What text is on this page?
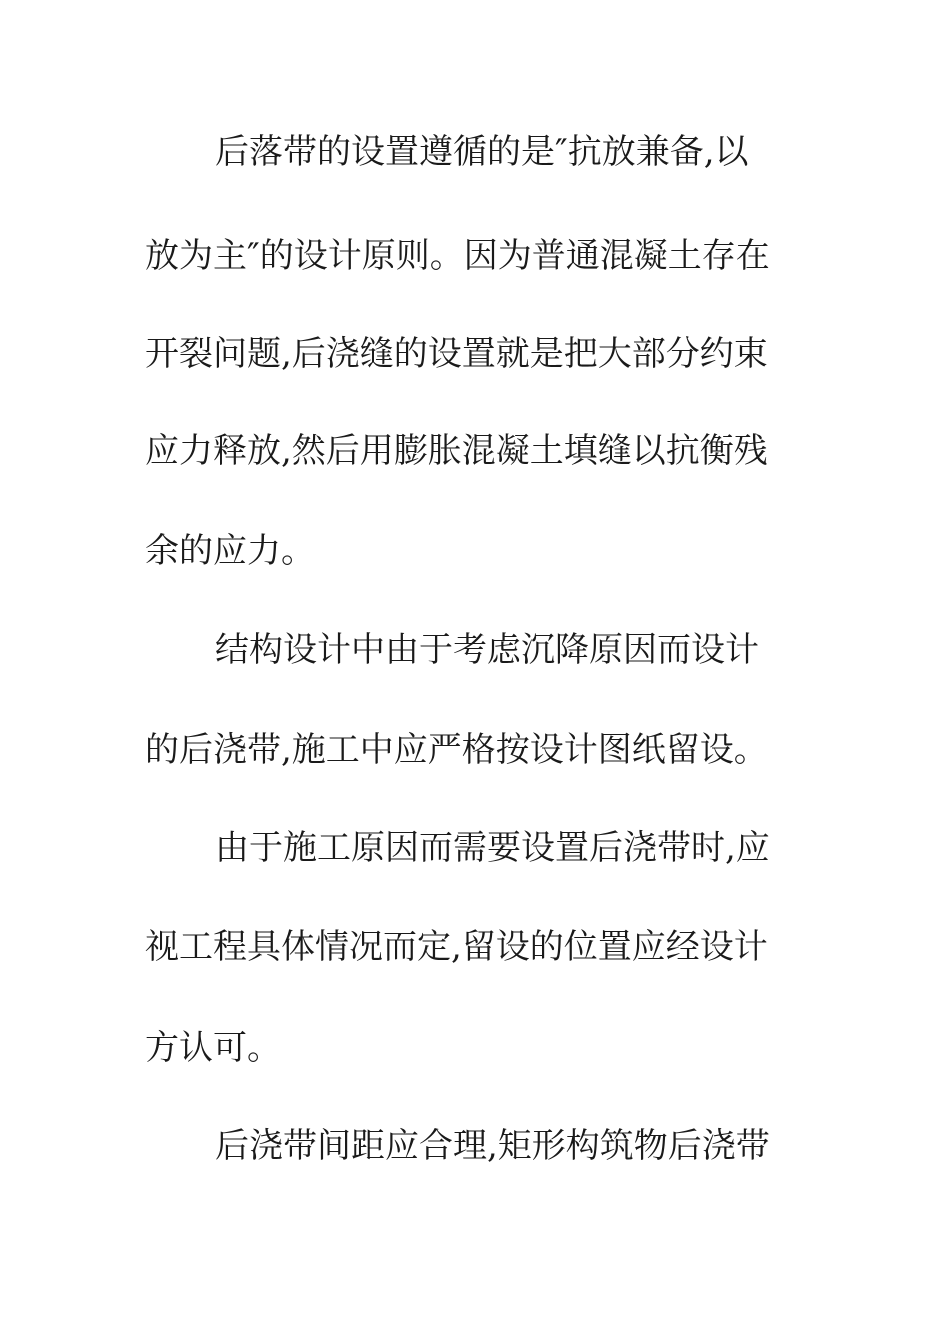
后落带的设置遵循的是″抗放兼备,以
放为主″的设计原则。因为普通混凝土存在
开裂问题,后浇缝的设置就是把大部分约束
应力释放,然后用膨胀混凝土填缝以抗衡残
余的应力。
结构设计中由于考虑沉降原因而设计
的后浇带,施工中应严格按设计图纸留设。
由于施工原因而需要设置后浇带时,应
视工程具体情况而定,留设的位置应经设计
方认可。
后浇带间距应合理,矩形构筑物后浇带
